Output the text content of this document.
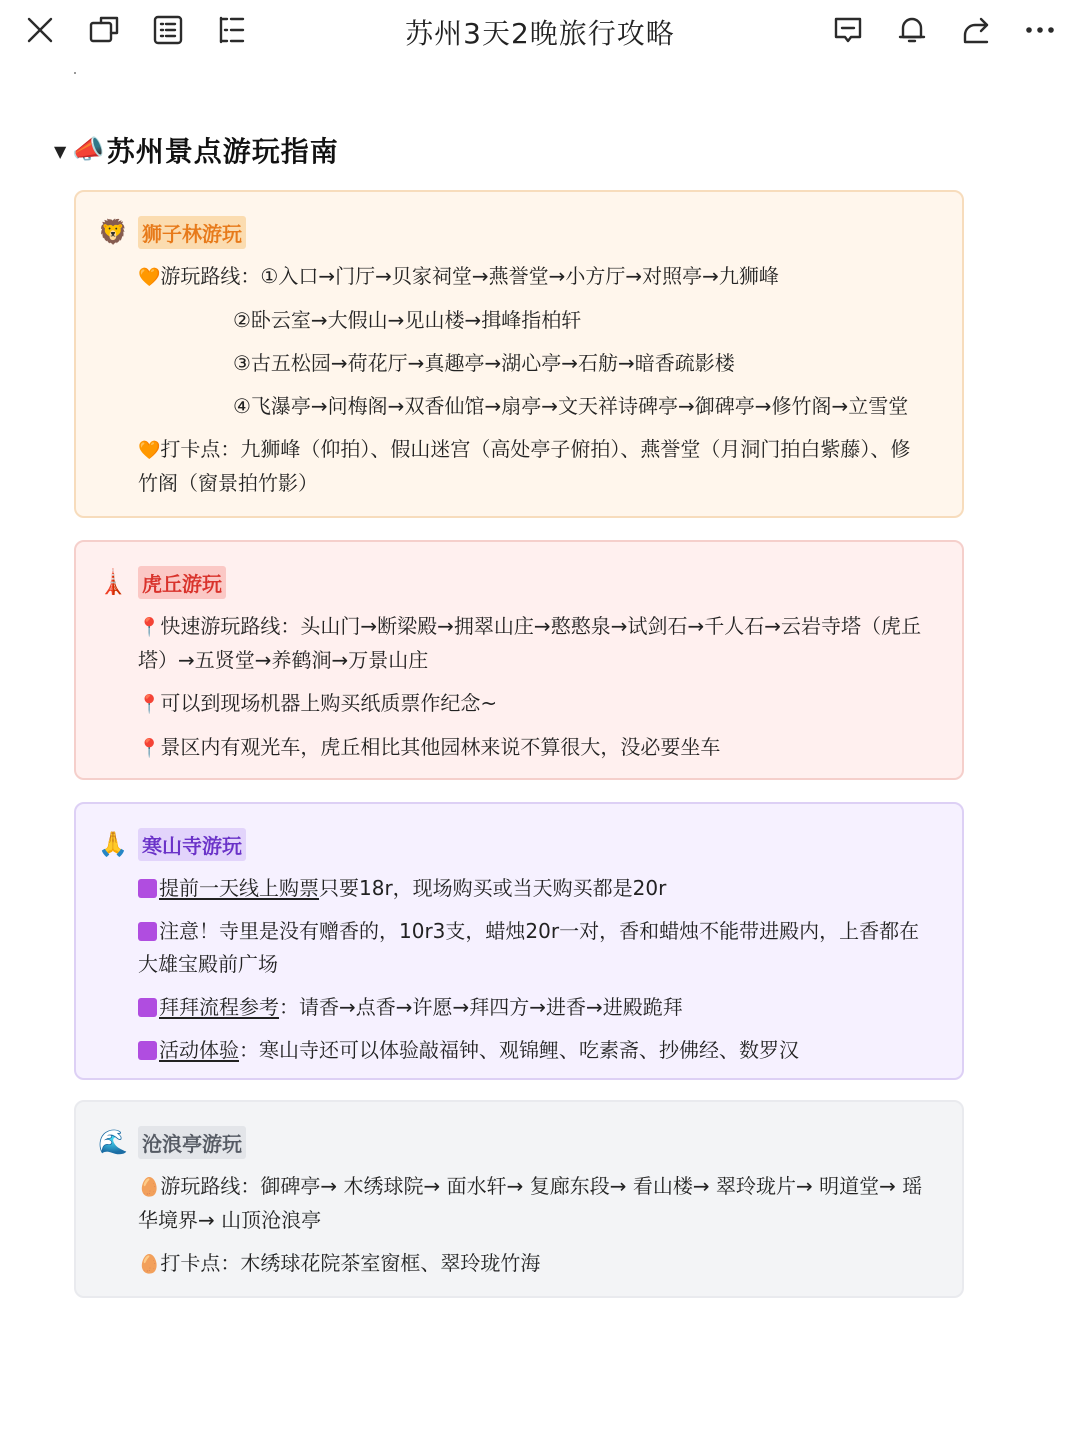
苏州3天2晚旅行攻略
▼ 📣 苏州景点游玩指南
🦁 狮子林游玩
🧡游玩路线：①入口→门厅→贝家祠堂→燕誉堂→小方厅→对照亭→九狮峰
②卧云室→大假山→见山楼→揖峰指柏轩
③古五松园→荷花厅→真趣亭→湖心亭→石舫→暗香疏影楼
④飞瀑亭→问梅阁→双香仙馆→扇亭→文天祥诗碑亭→御碑亭→修竹阁→立雪堂
🧡打卡点：九狮峰（仰拍）、假山迷宫（高处亭子俯拍）、燕誉堂（月洞门拍白紫藤）、修竹阁（窗景拍竹影）
🗼 虎丘游玩
📍快速游玩路线：头山门→断梁殿→拥翠山庄→憨憨泉→试剑石→千人石→云岩寺塔（虎丘塔）→五贤堂→养鹤涧→万景山庄
📍可以到现场机器上购买纸质票作纪念~
📍景区内有观光车，虎丘相比其他园林来说不算很大，没必要坐车
🙏 寒山寺游玩
提前一天线上购票只要18r，现场购买或当天购买都是20r
注意！寺里是没有赠香的，10r3支，蜡烛20r一对，香和蜡烛不能带进殿内，上香都在大雄宝殿前广场
拜拜流程参考：请香→点香→许愿→拜四方→进香→进殿跪拜
活动体验：寒山寺还可以体验敲福钟、观锦鲤、吃素斋、抄佛经、数罗汉
🌊 沧浪亭游玩
🥚游玩路线：御碑亭→ 木绣球院→ 面水轩→ 复廊东段→ 看山楼→ 翠玲珑片→ 明道堂→ 瑶华境界→ 山顶沧浪亭
🥚打卡点：木绣球花院茶室窗框、翠玲珑竹海
